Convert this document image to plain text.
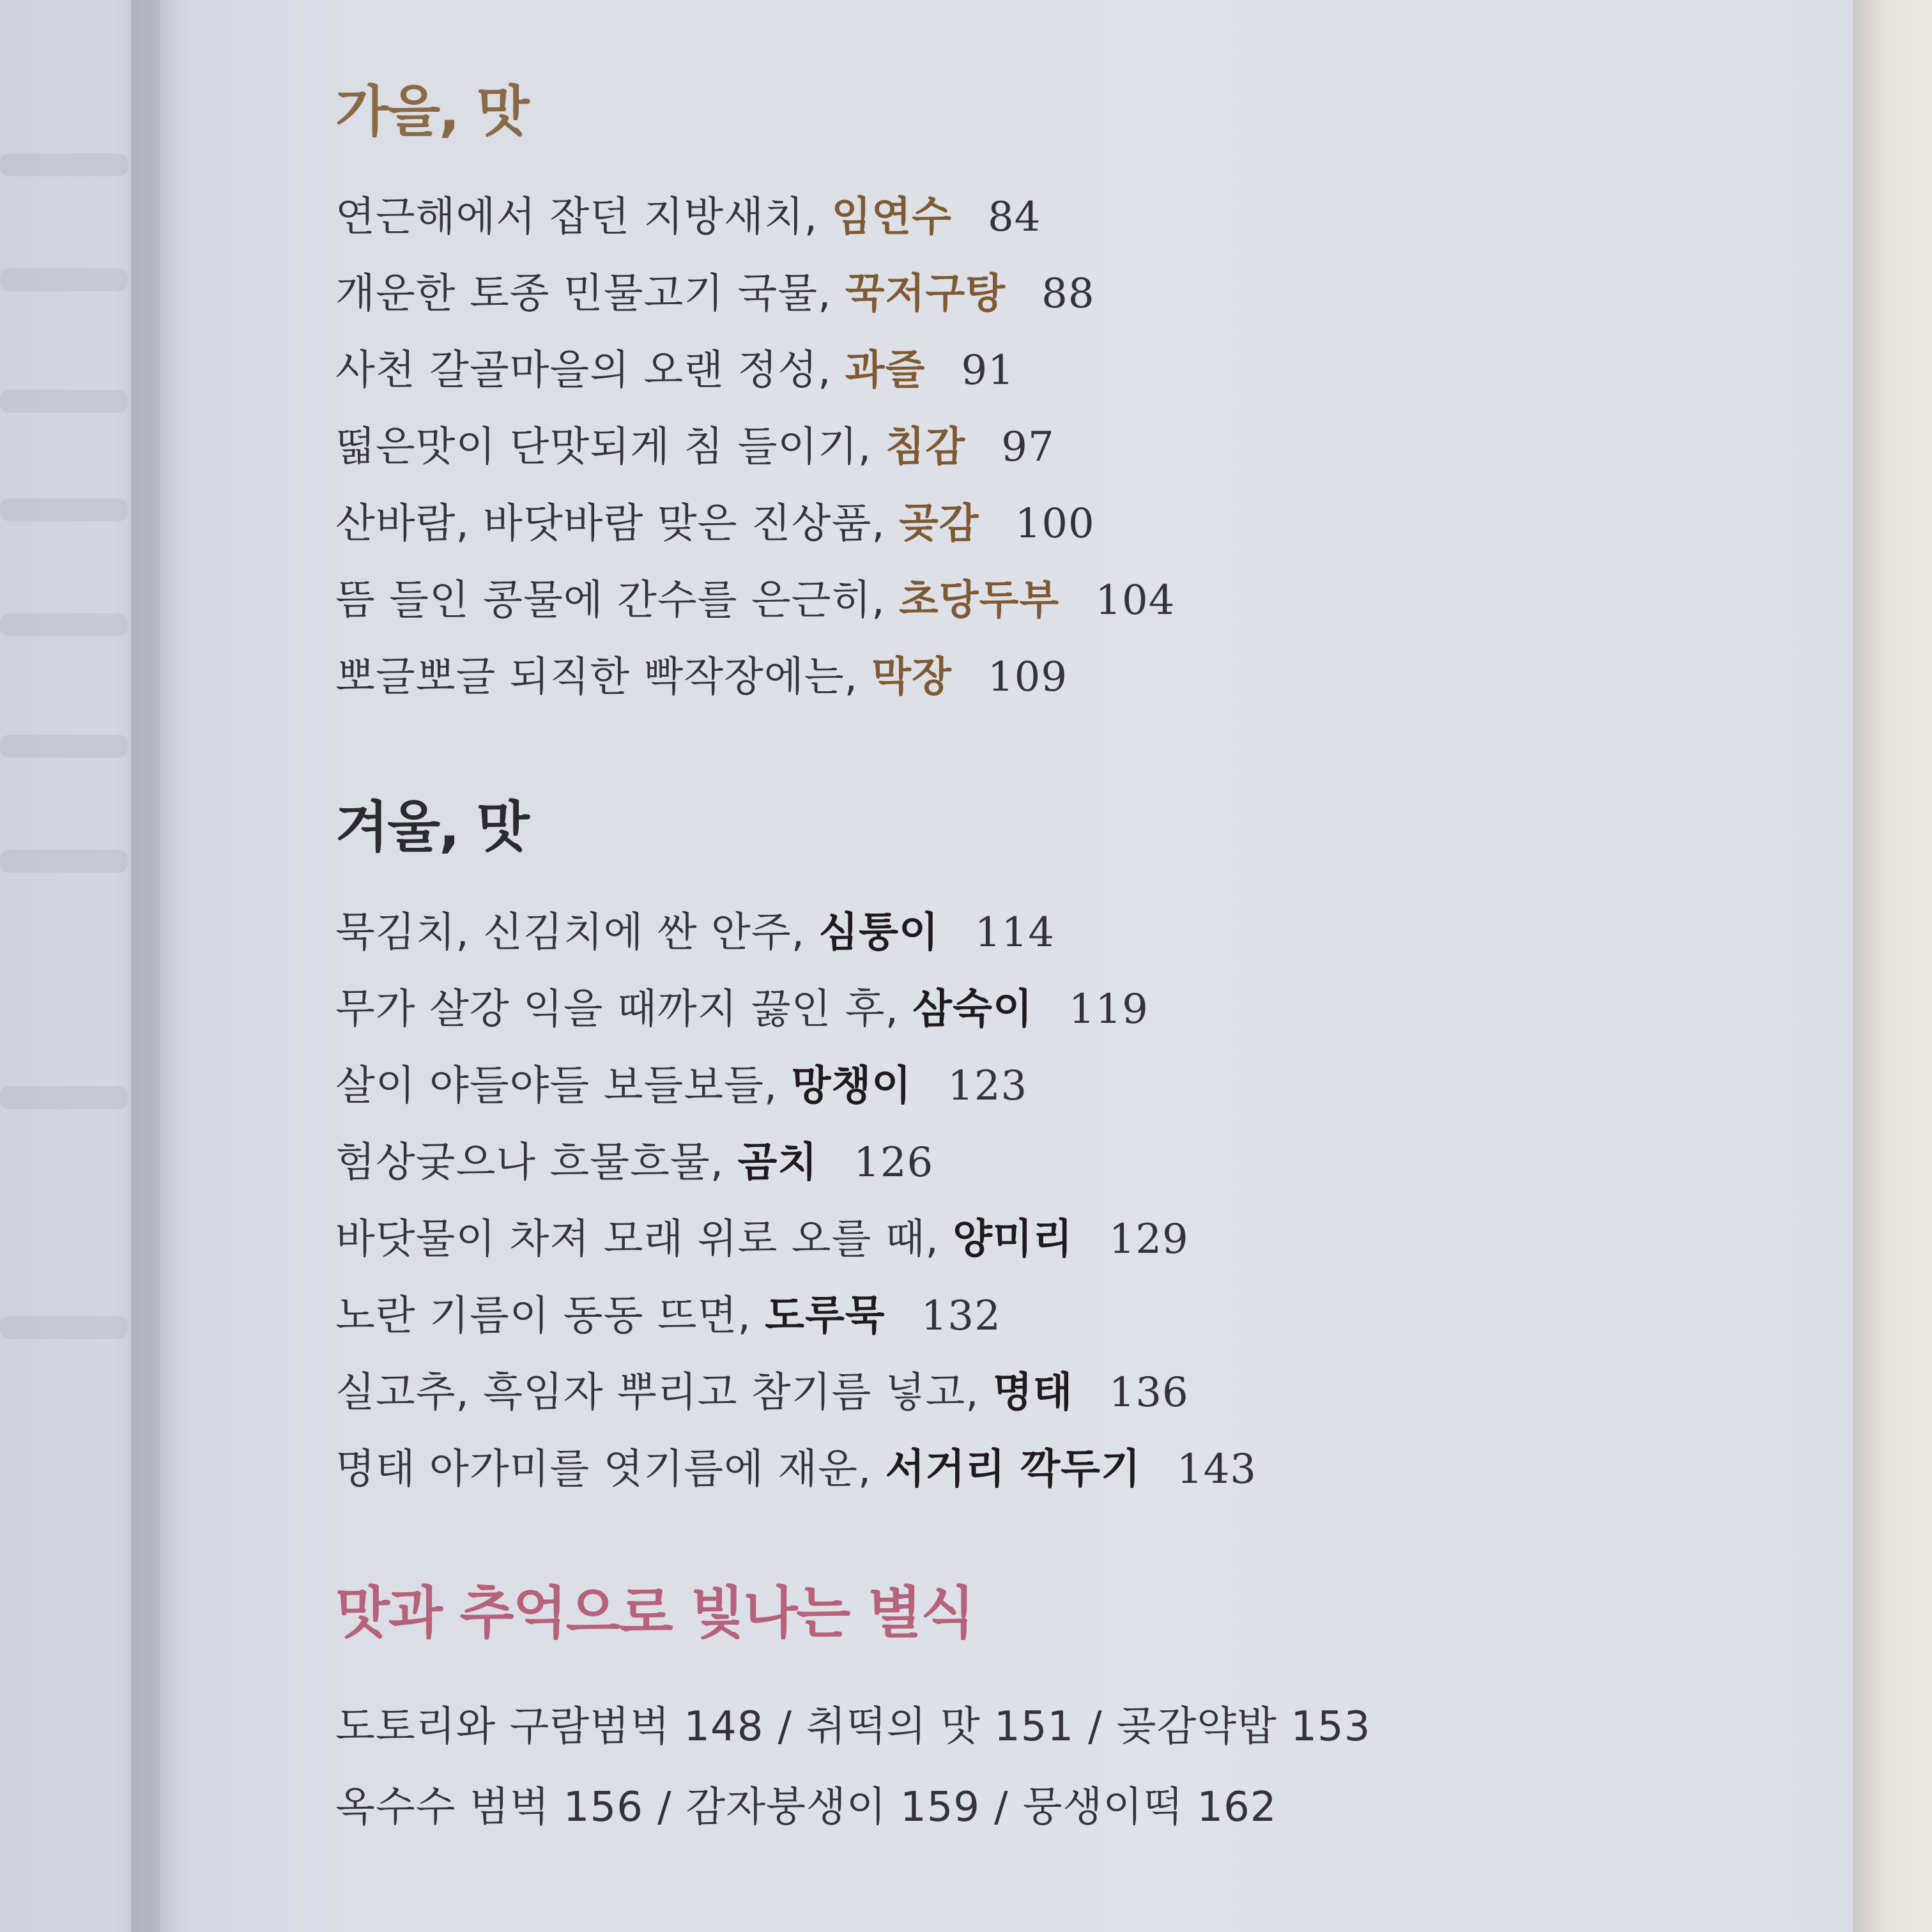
가을, 맛
연근해에서 잡던 지방새치, 임연수 84
개운한 토종 민물고기 국물, 꾹저구탕 88
사천 갈골마을의 오랜 정성, 과즐 91
떫은맛이 단맛되게 침 들이기, 침감 97
산바람, 바닷바람 맞은 진상품, 곶감 100
뜸 들인 콩물에 간수를 은근히, 초당두부 104
뽀글뽀글 되직한 빡작장에는, 막장 109
겨울, 맛
묵김치, 신김치에 싼 안주, 심퉁이 114
무가 살강 익을 때까지 끓인 후, 삼숙이 119
살이 야들야들 보들보들, 망챙이 123
험상궂으나 흐물흐물, 곰치 126
바닷물이 차져 모래 위로 오를 때, 양미리 129
노란 기름이 동동 뜨면, 도루묵 132
실고추, 흑임자 뿌리고 참기름 넣고, 명태 136
명태 아가미를 엿기름에 재운, 서거리 깍두기 143
맛과 추억으로 빛나는 별식
도토리와 구람범벅 148 / 취떡의 맛 151 / 곶감약밥 153
옥수수 범벅 156 / 감자붕생이 159 / 뭉생이떡 162
